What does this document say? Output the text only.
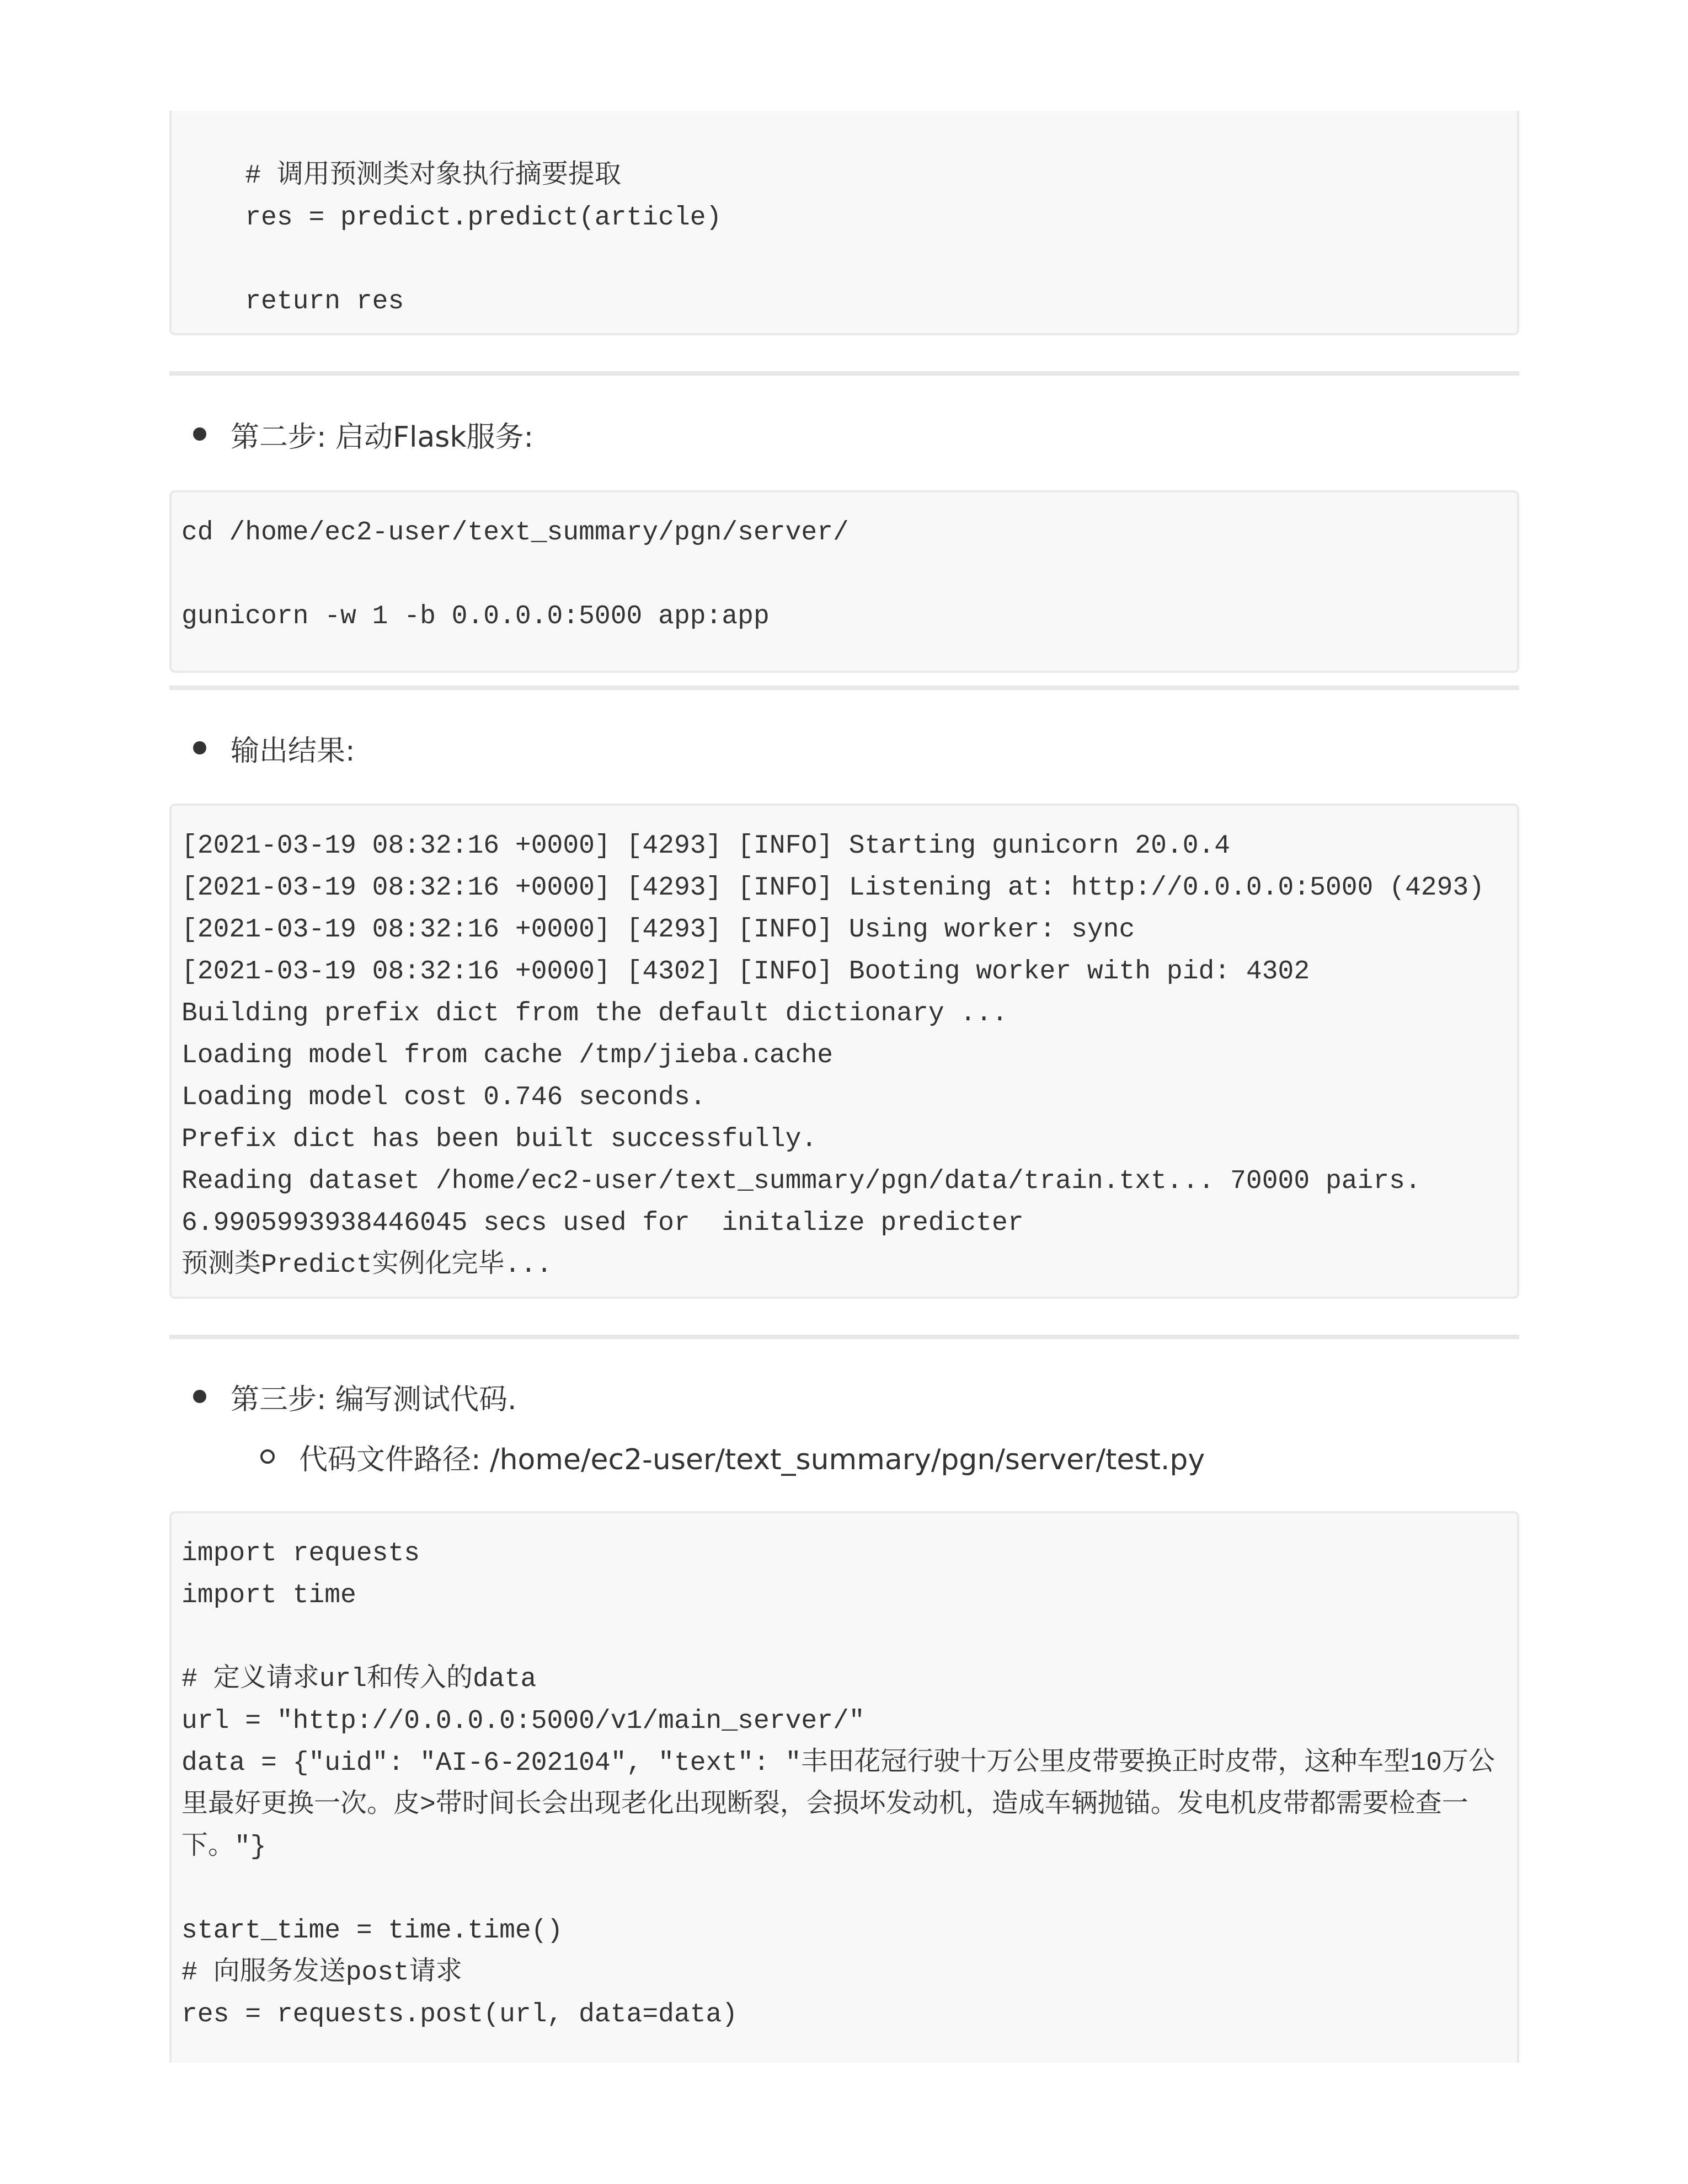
# 调用预测类对象执行摘要提取
res = predict.predict(article)
return res
第二步: 启动Flask服务:
cd /home/ec2-user/text_summary/pgn/server/
gunicorn -w 1 -b 0.0.0.0:5000 app:app
输出结果:
[2021-03-19 08:32:16 +0000] [4293] [INFO] Starting gunicorn 20.0.4
[2021-03-19 08:32:16 +0000] [4293] [INFO] Listening at: http://0.0.0.0:5000 (4293)
[2021-03-19 08:32:16 +0000] [4293] [INFO] Using worker: sync
[2021-03-19 08:32:16 +0000] [4302] [INFO] Booting worker with pid: 4302
Building prefix dict from the default dictionary ...
Loading model from cache /tmp/jieba.cache
Loading model cost 0.746 seconds.
Prefix dict has been built successfully.
Reading dataset /home/ec2-user/text_summary/pgn/data/train.txt... 70000 pairs.
6.9905993938446045 secs used for  initalize predicter
预测类Predict实例化完毕...
第三步: 编写测试代码.
代码文件路径: /home/ec2-user/text_summary/pgn/server/test.py
import requests
import time
# 定义请求url和传入的data
url = "http://0.0.0.0:5000/v1/main_server/"
data = {"uid": "AI-6-202104", "text": "丰田花冠行驶十万公里皮带要换正时皮带，这种车型10万公里最好更换一次。皮>带时间长会出现老化出现断裂，会损坏发动机，造成车辆抛锚。发电机皮带都需要检查一下。"}
start_time = time.time()
# 向服务发送post请求
res = requests.post(url, data=data)
